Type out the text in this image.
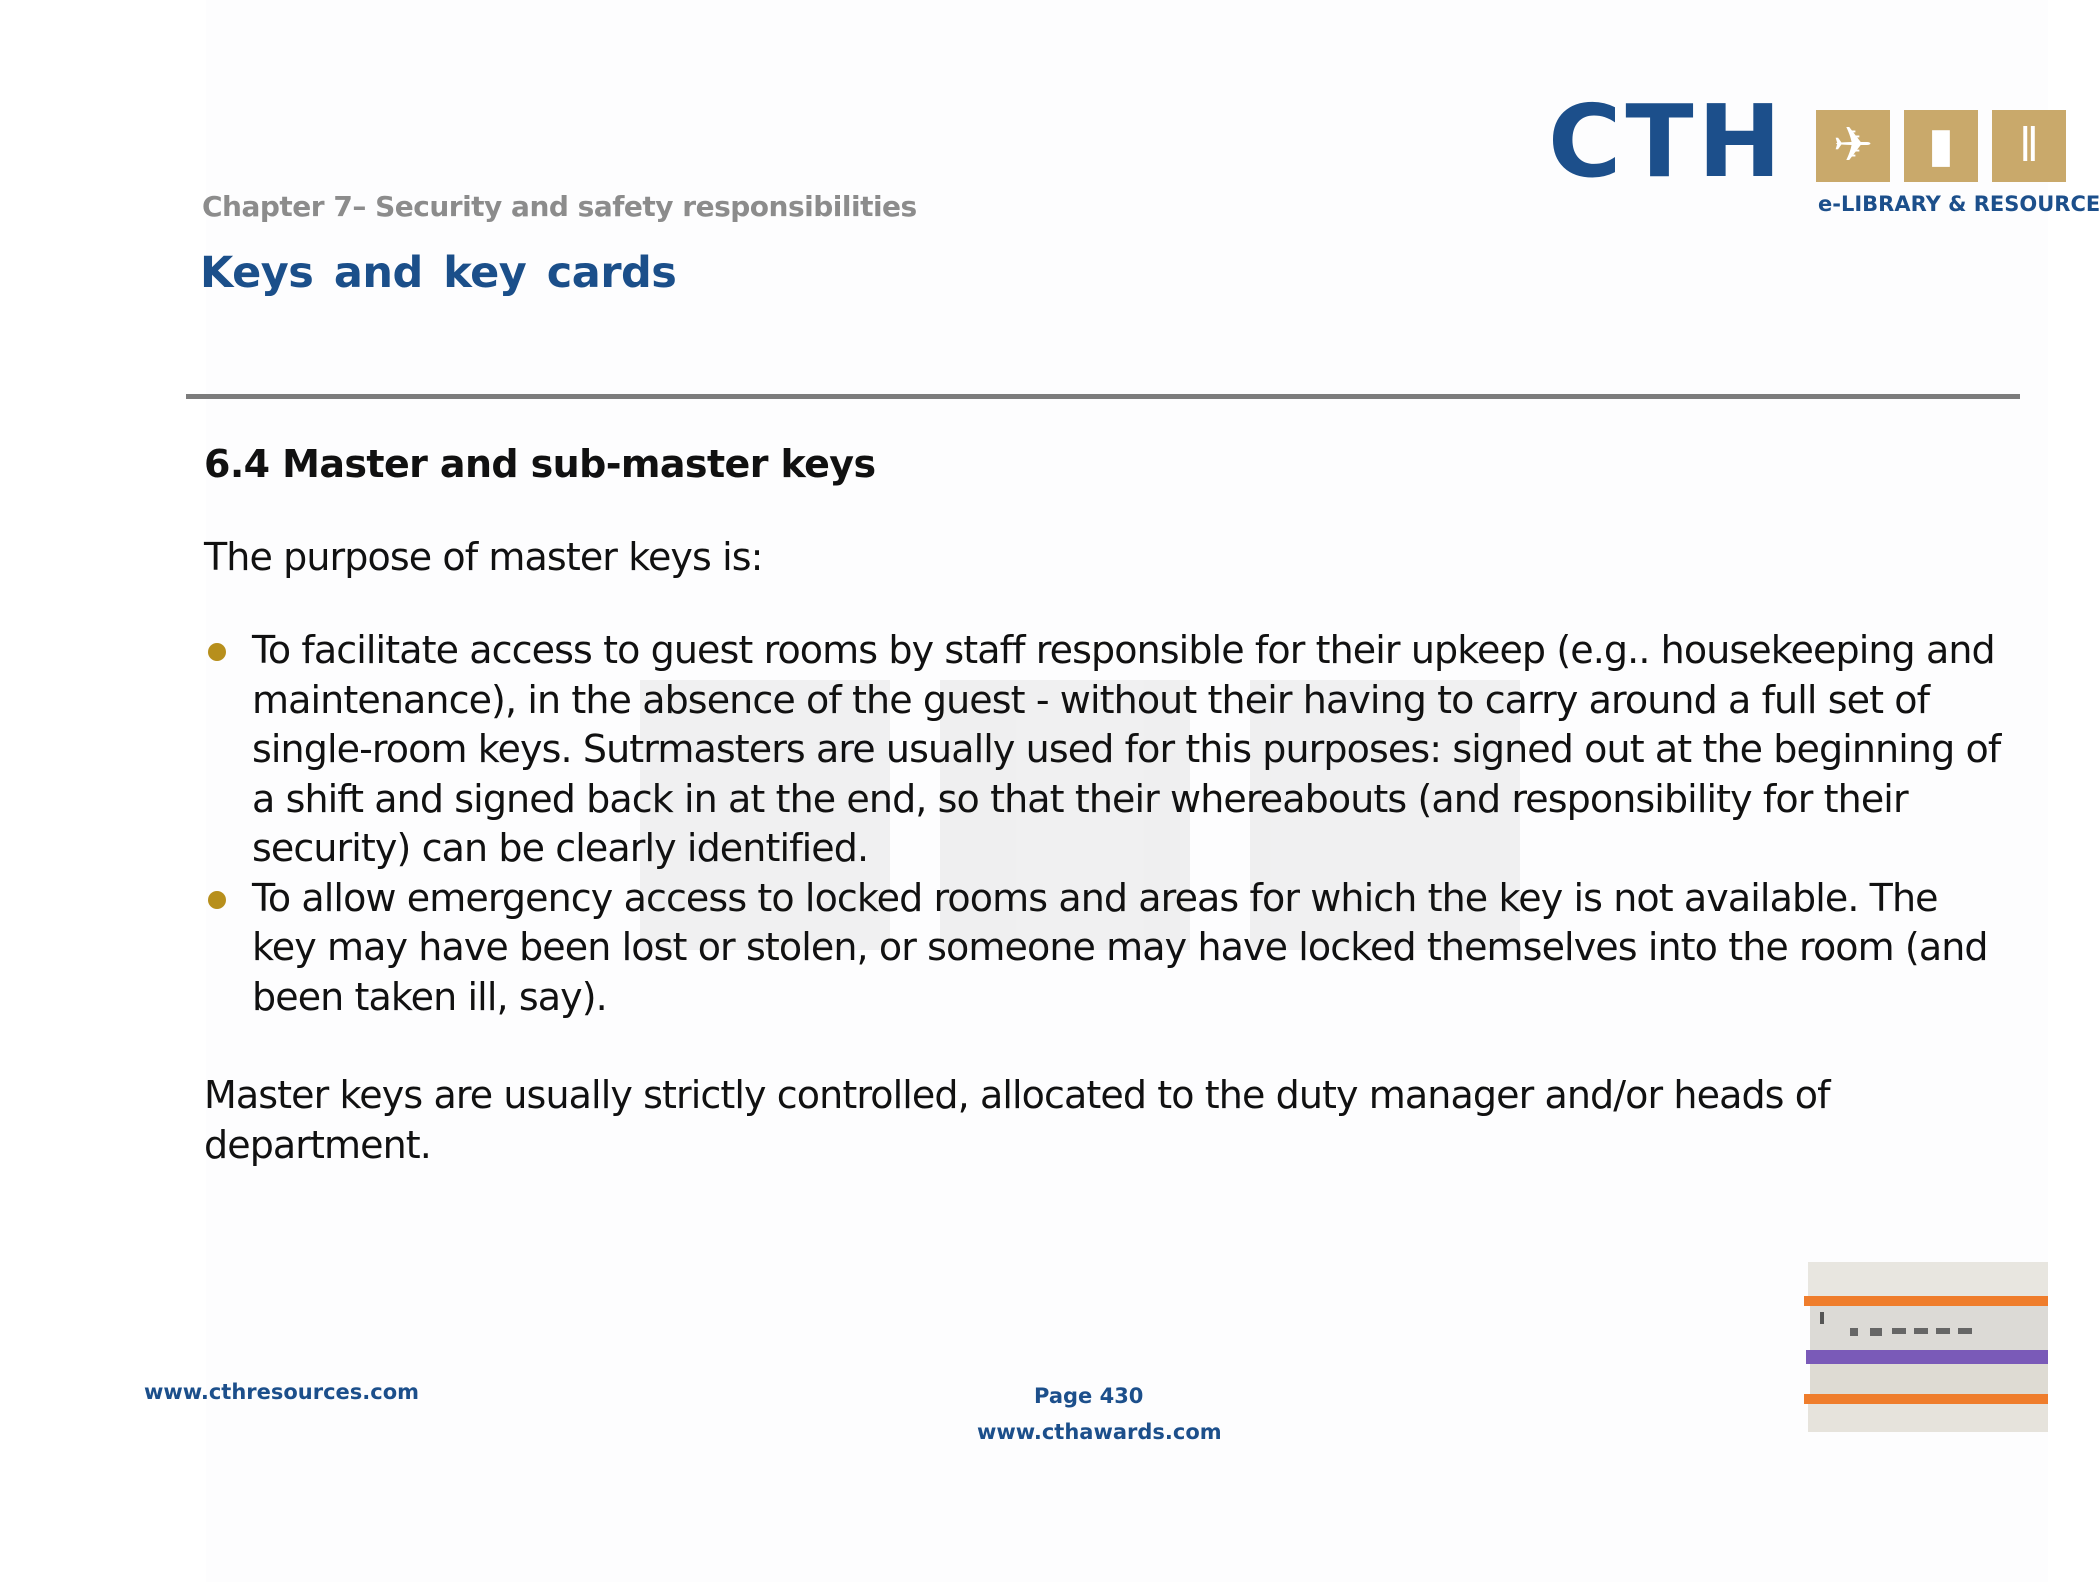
CTH ✈	▮	ǁ
e-LIBRARY & RESOURCE
Chapter 7– Security and safety responsibilities
Keys and key cards
6.4 Master and sub-master keys

The purpose of master keys is:

To facilitate access to guest rooms by staff responsible for their upkeep (e.g.. housekeeping and maintenance), in the absence of the guest - without their having to carry around a full set of single-room keys. Sutrmasters are usually used for this purposes: signed out at the beginning of a shift and signed back in at the end, so that their whereabouts (and responsibility for their security) can be clearly identified.
To allow emergency access to locked rooms and areas for which the key is not available. The key may have been lost or stolen, or someone may have locked themselves into the room (and been taken ill, say).

Master keys are usually strictly controlled, allocated to the duty manager and/or heads of department.

www.cthresources.com	Page 430
www.cthawards.com
